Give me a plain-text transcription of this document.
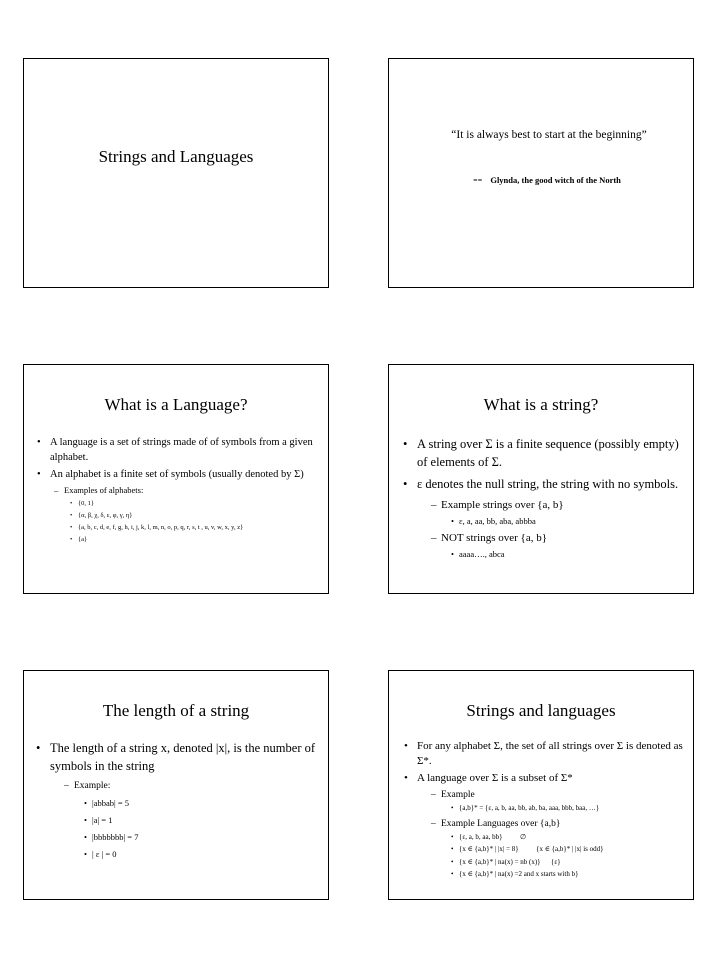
Strings and Languages
“It is always best to start at the beginning”
-- Glynda, the good witch of the North
What is a Language?
• A language is a set of strings made of of symbols from a given alphabet.
• An alphabet is a finite set of symbols (usually denoted by Σ)
– Examples of alphabets:
• {0, 1}
• {α, β, χ, δ, ε, φ, γ, η}
• {a, b, c, d, e, f, g, h, i, j, k, l, m, n, o, p, q, r, s, t , u, v, w, x, y, z}
• {a}
What is a string?
• A string over Σ is a finite sequence (possibly empty) of elements of Σ.
• ε denotes the null string, the string with no symbols.
– Example strings over {a, b}
• ε, a, aa, bb, aba, abbba
– NOT strings over {a, b}
• aaaa…., abca
The length of a string
• The length of a string x, denoted |x|, is the number of symbols in the string
– Example:
• |abbab| = 5
• |a| = 1
• |bbbbbbb| = 7
• | ε | = 0
Strings and languages
• For any alphabet Σ, the set of all strings over Σ is denoted as Σ*.
• A language over Σ is a subset of Σ*
– Example
• {a,b}* = {ε, a, b, aa, bb, ab, ba, aaa, bbb, baa, …}
– Example Languages over {a,b}
• {ε, a, b, aa, bb}          ∅
• {x ∈ {a,b}* | |x| = 8}          {x ∈ {a,b}* | |x| is odd}
• {x ∈ {a,b}* | na(x) = nb (x)}      {ε}
• {x ∈ {a,b}* | na(x) =2 and x starts with b}
